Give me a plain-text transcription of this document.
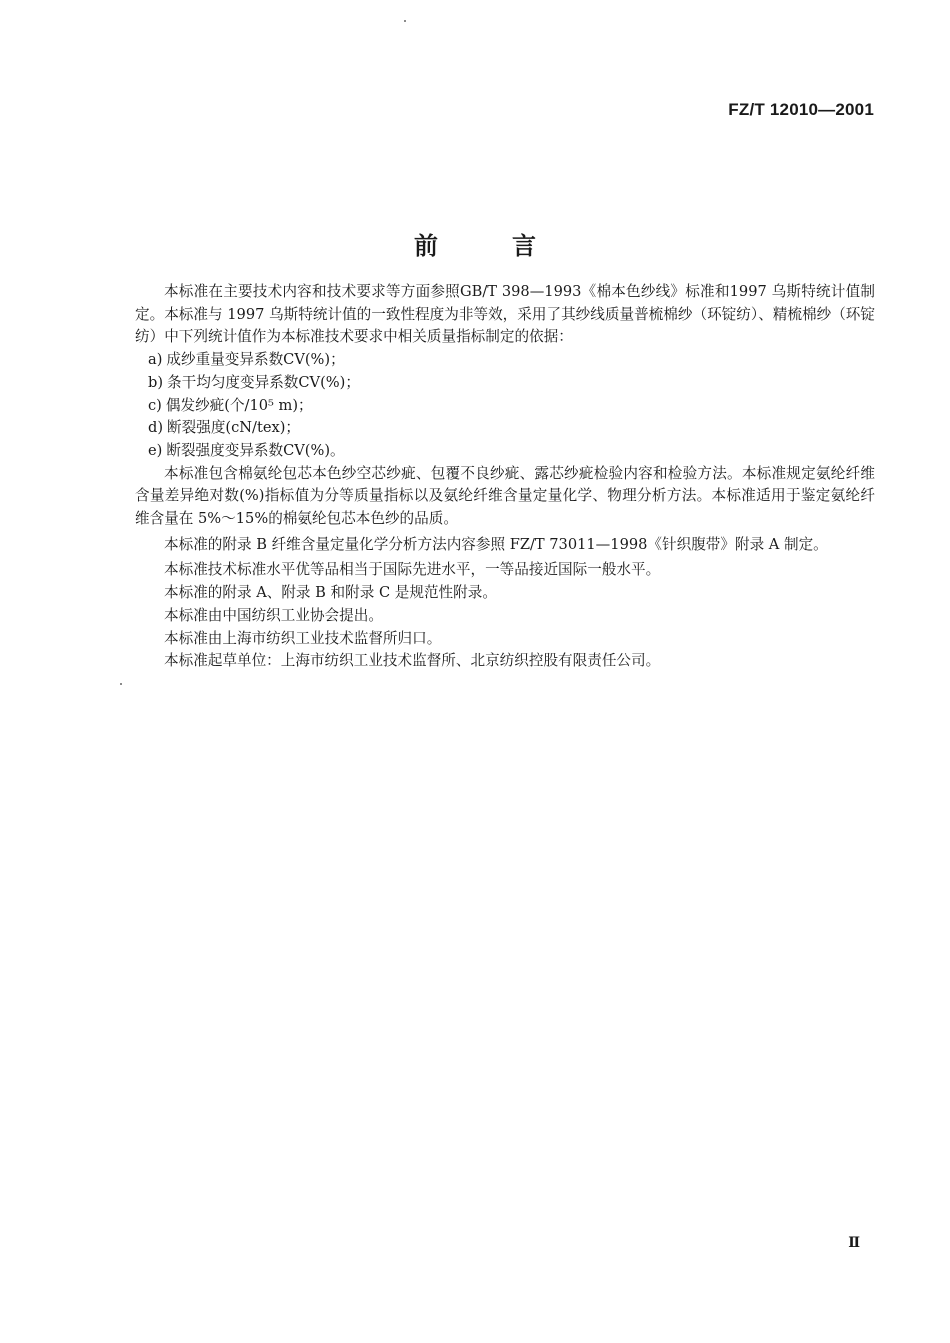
FZ/T 12010—2001
前言

本标准在主要技术内容和技术要求等方面参照GB/T 398—1993《棉本色纱线》标准和1997 乌斯特统计值制定。本标准与 1997 乌斯特统计值的一致性程度为非等效，采用了其纱线质量普梳棉纱（环锭纺）、精梳棉纱（环锭纺）中下列统计值作为本标准技术要求中相关质量指标制定的依据：

a) 成纱重量变异系数CV(%)；

b) 条干均匀度变异系数CV(%)；

c) 偶发纱疵(个/10⁵ m)；

d) 断裂强度(cN/tex)；

e) 断裂强度变异系数CV(%)。

本标准包含棉氨纶包芯本色纱空芯纱疵、包覆不良纱疵、露芯纱疵检验内容和检验方法。本标准规定氨纶纤维含量差异绝对数(%)指标值为分等质量指标以及氨纶纤维含量定量化学、物理分析方法。本标准适用于鉴定氨纶纤维含量在 5%～15%的棉氨纶包芯本色纱的品质。

本标准的附录 B 纤维含量定量化学分析方法内容参照 FZ/T 73011—1998《针织腹带》附录 A 制定。

本标准技术标准水平优等品相当于国际先进水平，一等品接近国际一般水平。

本标准的附录 A、附录 B 和附录 C 是规范性附录。

本标准由中国纺织工业协会提出。

本标准由上海市纺织工业技术监督所归口。

本标准起草单位：上海市纺织工业技术监督所、北京纺织控股有限责任公司。

Ⅱ
